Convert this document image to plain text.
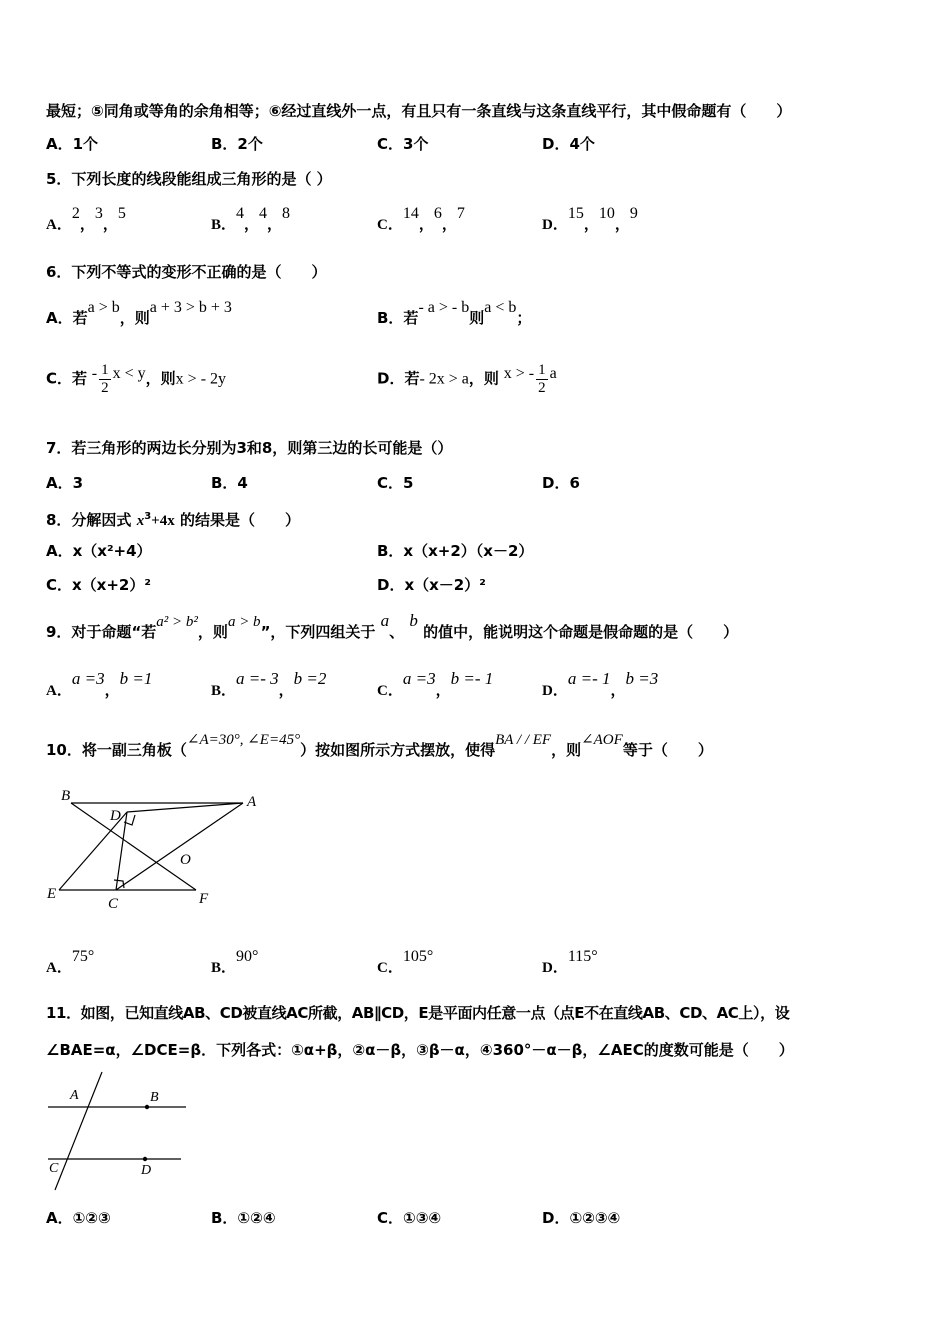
最短；⑤同角或等角的余角相等；⑥经过直线外一点，有且只有一条直线与这条直线平行，其中假命题有（　　）
A．1个	B．2个	C．3个	D．4个
5．下列长度的线段能组成三角形的是（ ）
A．2，3，5
B．4，4，8
C．14，6，7
D．15，10，9
6．下列不等式的变形不正确的是（　　）
A．若a > b，则a + 3 > b + 3
B．若- a > - b则a < b；
C．若 - $\frac{1}{2}$ x < y，则x > - 2y	D．若- 2x > a，则 x > - $\frac{1}{2}$ a
7．若三角形的两边长分别为3和8，则第三边的长可能是（）
A．3	B．4	C．5	D．6
8．分解因式 $x^3+4x$ 的结果是（　　）
A．x（x²+4）	B．x（x+2）（x－2）
C．x（x+2）²	D．x（x－2）²
9．对于命题“若a² > b²，则a > b”，下列四组关于 a、 b 的值中，能说明这个命题是假命题的是（　　）
A．a =3，b =1
B．a =- 3，b =2
C．a =3，b =- 1
D．a =- 1，b =3
10．将一副三角板（∠A=30°, ∠E=45°）按如图所示方式摆放，使得BA / / EF，则∠AOF等于（　　）
B	A
D
O
E
C	F
A．75°
B．90°
C．105°
D．115°
11．如图，已知直线AB、CD被直线AC所截，AB∥CD，E是平面内任意一点（点E不在直线AB、CD、AC上），设
∠BAE=α，∠DCE=β．下列各式：①α+β，②α－β，③β－α，④360°－α－β，∠AEC的度数可能是（　　）
A	B
C	D
A．①②③	B．①②④	C．①③④	D．①②③④
